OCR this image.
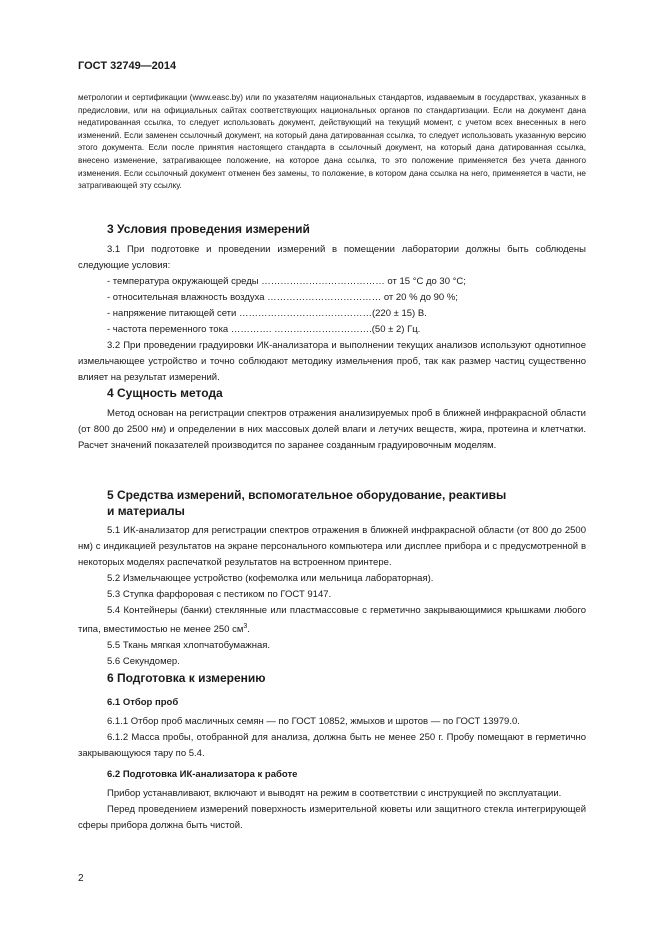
ГОСТ 32749—2014

метрологии и сертификации (www.easc.by) или по указателям национальных стандартов, издаваемым в государствах, указанных в предисловии, или на официальных сайтах соответствующих национальных органов по стандартизации. Если на документ дана недатированная ссылка, то следует использовать документ, действующий на текущий момент, с учетом всех внесенных в него изменений. Если заменен ссылочный документ, на который дана датированная ссылка, то следует использовать указанную версию этого документа. Если после принятия настоящего стандарта в ссылочный документ, на который дана датированная ссылка, внесено изменение, затрагивающее положение, на которое дана ссылка, то это положение применяется без учета данного изменения. Если ссылочный документ отменен без замены, то положение, в котором дана ссылка на него, применяется в части, не затрагивающей эту ссылку.

3 Условия проведения измерений

3.1 При подготовке и проведении измерений в помещении лаборатории должны быть соблюдены следующие условия:

- температура окружающей среды ………………………………… от 15 °С до 30 °С;

- относительная влажность воздуха ……………………………… от 20 % до 90 %;

- напряжение питающей сети ……………………………………(220 ± 15) В.

- частота переменного тока …………. ………………………….(50 ± 2) Гц.

3.2 При проведении градуировки ИК-анализатора и выполнении текущих анализов используют однотипное измельчающее устройство и точно соблюдают методику измельчения проб, так как размер частиц существенно влияет на результат измерений.

4 Сущность метода

Метод основан на регистрации спектров отражения анализируемых проб в ближней инфракрасной области (от 800 до 2500 нм) и определении в них массовых долей влаги и летучих веществ, жира, протеина и клетчатки. Расчет значений показателей производится по заранее созданным градуировочным моделям.

5 Средства измерений, вспомогательное оборудование, реактивы
и материалы

5.1 ИК-анализатор для регистрации спектров отражения в ближней инфракрасной области (от 800 до 2500 нм) с индикацией результатов на экране персонального компьютера или дисплее прибора и с предусмотренной в некоторых моделях распечаткой результатов на встроенном принтере.

5.2 Измельчающее устройство (кофемолка или мельница лабораторная).

5.3 Ступка фарфоровая с пестиком по ГОСТ 9147.

5.4 Контейнеры (банки) стеклянные или пластмассовые с герметично закрывающимися крышками любого типа, вместимостью не менее 250 $см^3$.

5.5 Ткань мягкая хлопчатобумажная.

5.6 Секундомер.

6 Подготовка к измерению
6.1 Отбор проб

6.1.1 Отбор проб масличных семян — по ГОСТ 10852, жмыхов и шротов — по ГОСТ 13979.0.

6.1.2 Масса пробы, отобранной для анализа, должна быть не менее 250 г. Пробу помещают в герметично закрывающуюся тару по 5.4.

6.2 Подготовка ИК-анализатора к работе

Прибор устанавливают, включают и выводят на режим в соответствии с инструкцией по эксплуатации.

Перед проведением измерений поверхность измерительной кюветы или защитного стекла интегрирующей сферы прибора должна быть чистой.

2
